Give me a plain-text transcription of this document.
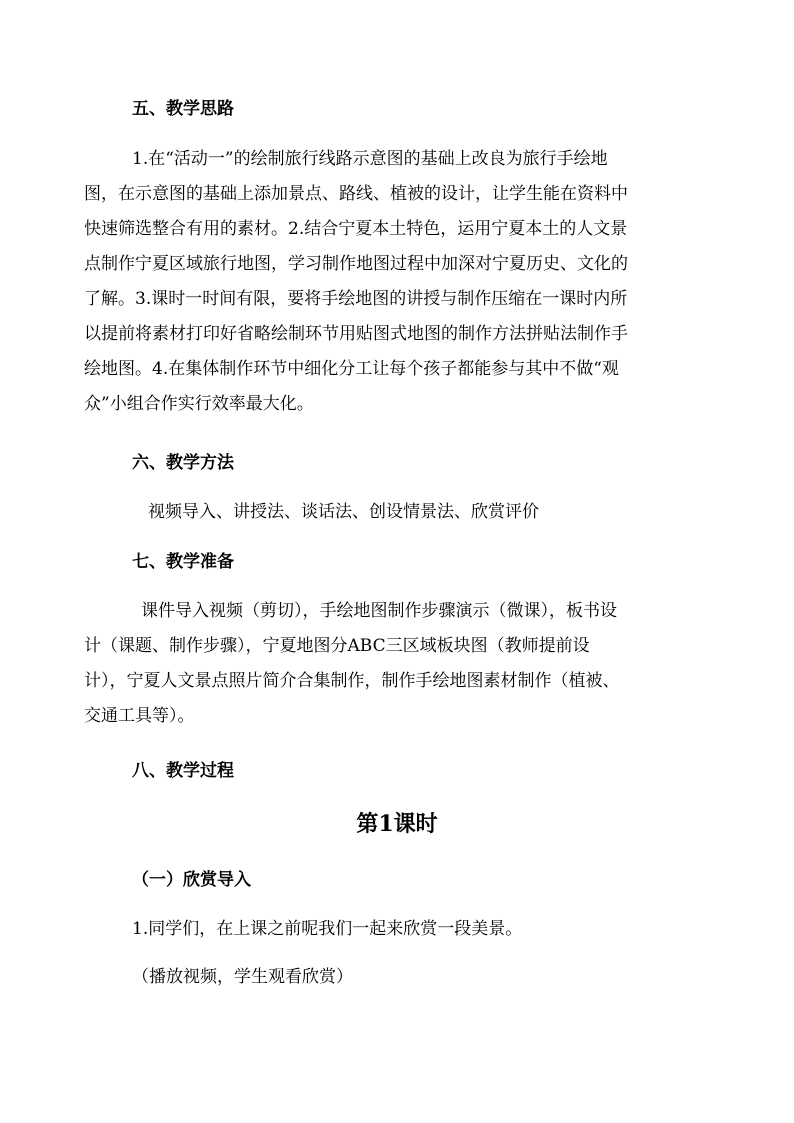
五、教学思路
1.在“活动一”的绘制旅行线路示意图的基础上改良为旅行手绘地
图，在示意图的基础上添加景点、路线、植被的设计，让学生能在资料中
快速筛选整合有用的素材。2.结合宁夏本土特色，运用宁夏本土的人文景
点制作宁夏区域旅行地图，学习制作地图过程中加深对宁夏历史、文化的
了解。3.课时一时间有限，要将手绘地图的讲授与制作压缩在一课时内所
以提前将素材打印好省略绘制环节用贴图式地图的制作方法拼贴法制作手
绘地图。4.在集体制作环节中细化分工让每个孩子都能参与其中不做“观
众”小组合作实行效率最大化。
六、教学方法
视频导入、讲授法、谈话法、创设情景法、欣赏评价
七、教学准备
课件导入视频（剪切），手绘地图制作步骤演示（微课），板书设
计（课题、制作步骤），宁夏地图分ABC三区域板块图（教师提前设
计），宁夏人文景点照片简介合集制作，制作手绘地图素材制作（植被、
交通工具等）。
八、教学过程
第1课时
（一）欣赏导入
1.同学们，在上课之前呢我们一起来欣赏一段美景。
（播放视频，学生观看欣赏）
